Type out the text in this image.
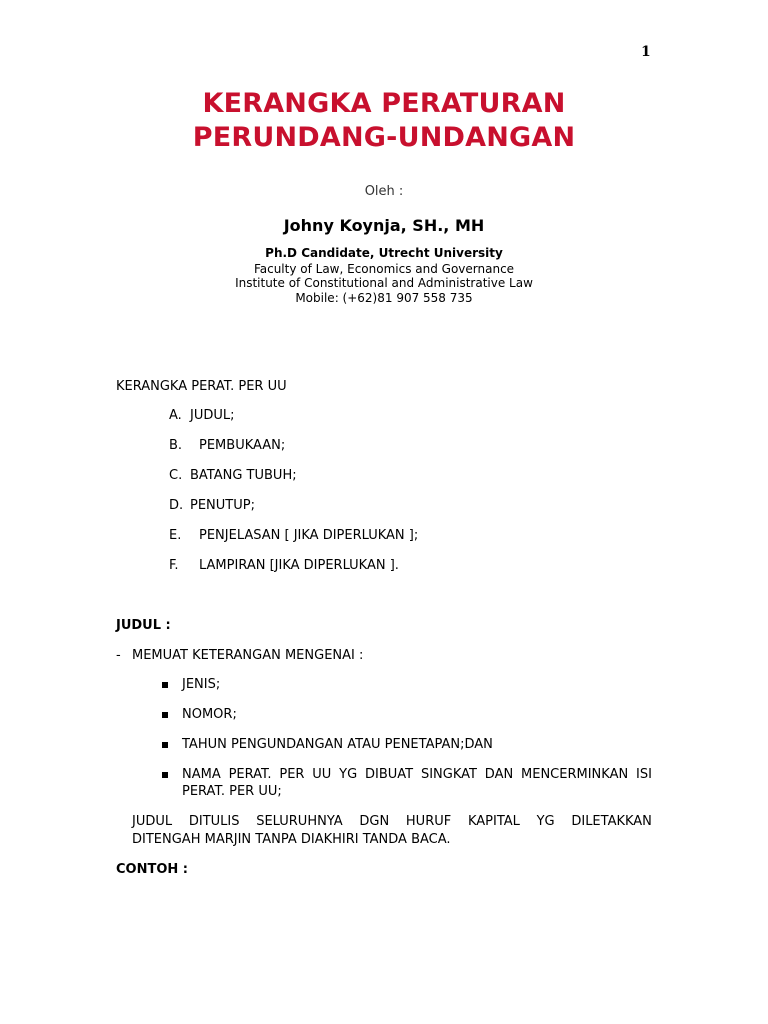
1
KERANGKA PERATURAN
PERUNDANG-UNDANGAN
Oleh :
Johny Koynja, SH., MH
Ph.D Candidate, Utrecht University
Faculty of Law, Economics and Governance
Institute of Constitutional and Administrative Law
Mobile: (+62)81 907 558 735
KERANGKA PERAT. PER UU
A. JUDUL;
B. PEMBUKAAN;
C. BATANG TUBUH;
D. PENUTUP;
E. PENJELASAN [ JIKA DIPERLUKAN ];
F. LAMPIRAN [JIKA DIPERLUKAN ].
JUDUL :
- MEMUAT KETERANGAN MENGENAI :
JENIS;
NOMOR;
TAHUN PENGUNDANGAN ATAU PENETAPAN;DAN
NAMA PERAT. PER UU YG DIBUAT SINGKAT DAN MENCERMINKAN ISI
PERAT. PER UU;
JUDUL DITULIS SELURUHNYA DGN HURUF KAPITAL YG DILETAKKAN
DITENGAH MARJIN TANPA DIAKHIRI TANDA BACA.
CONTOH :
